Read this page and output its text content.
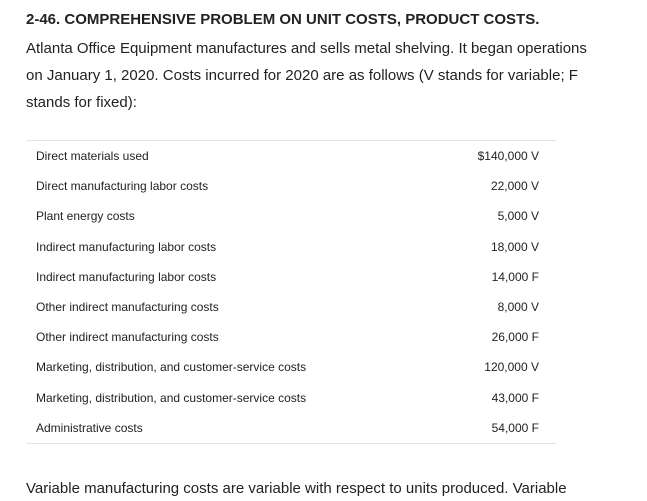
2-46. COMPREHENSIVE PROBLEM ON UNIT COSTS, PRODUCT COSTS.
Atlanta Office Equipment manufactures and sells metal shelving. It began operations
on January 1, 2020. Costs incurred for 2020 are as follows (V stands for variable; F
stands for fixed):
Direct materials used	$140,000 V
Direct manufacturing labor costs	22,000 V
Plant energy costs	5,000 V
Indirect manufacturing labor costs	18,000 V
Indirect manufacturing labor costs	14,000 F
Other indirect manufacturing costs	8,000 V
Other indirect manufacturing costs	26,000 F
Marketing, distribution, and customer-service costs	120,000 V
Marketing, distribution, and customer-service costs	43,000 F
Administrative costs	54,000 F
Variable manufacturing costs are variable with respect to units produced. Variable
